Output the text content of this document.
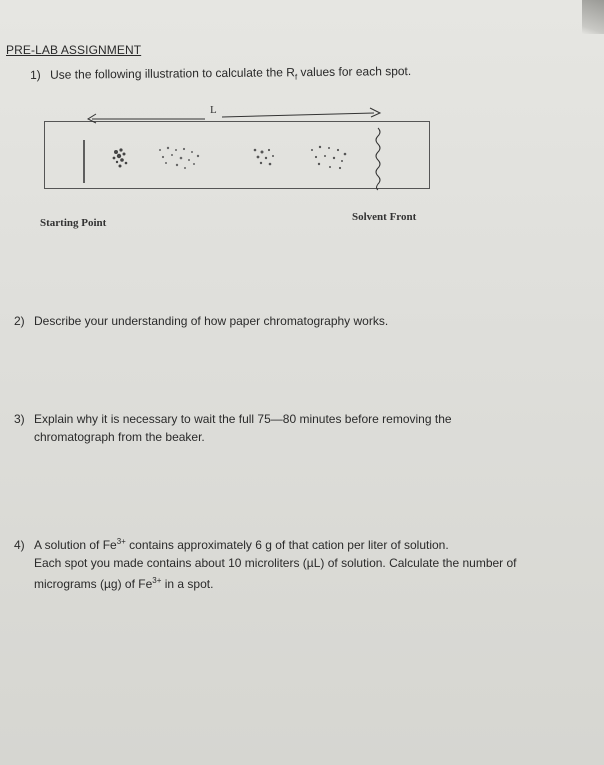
PRE-LAB ASSIGNMENT
1) Use the following illustration to calculate the $R_f$ values for each spot.
L
Starting Point	Solvent Front
2) Describe your understanding of how paper chromatography works.
3) Explain why it is necessary to wait the full 75—80 minutes before removing the
chromatograph from the beaker.
4) A solution of $Fe^{3+}$ contains approximately 6 g of that cation per liter of solution.
Each spot you made contains about 10 microliters (µL) of solution. Calculate the number of
micrograms (µg) of $Fe^{3+}$ in a spot.
